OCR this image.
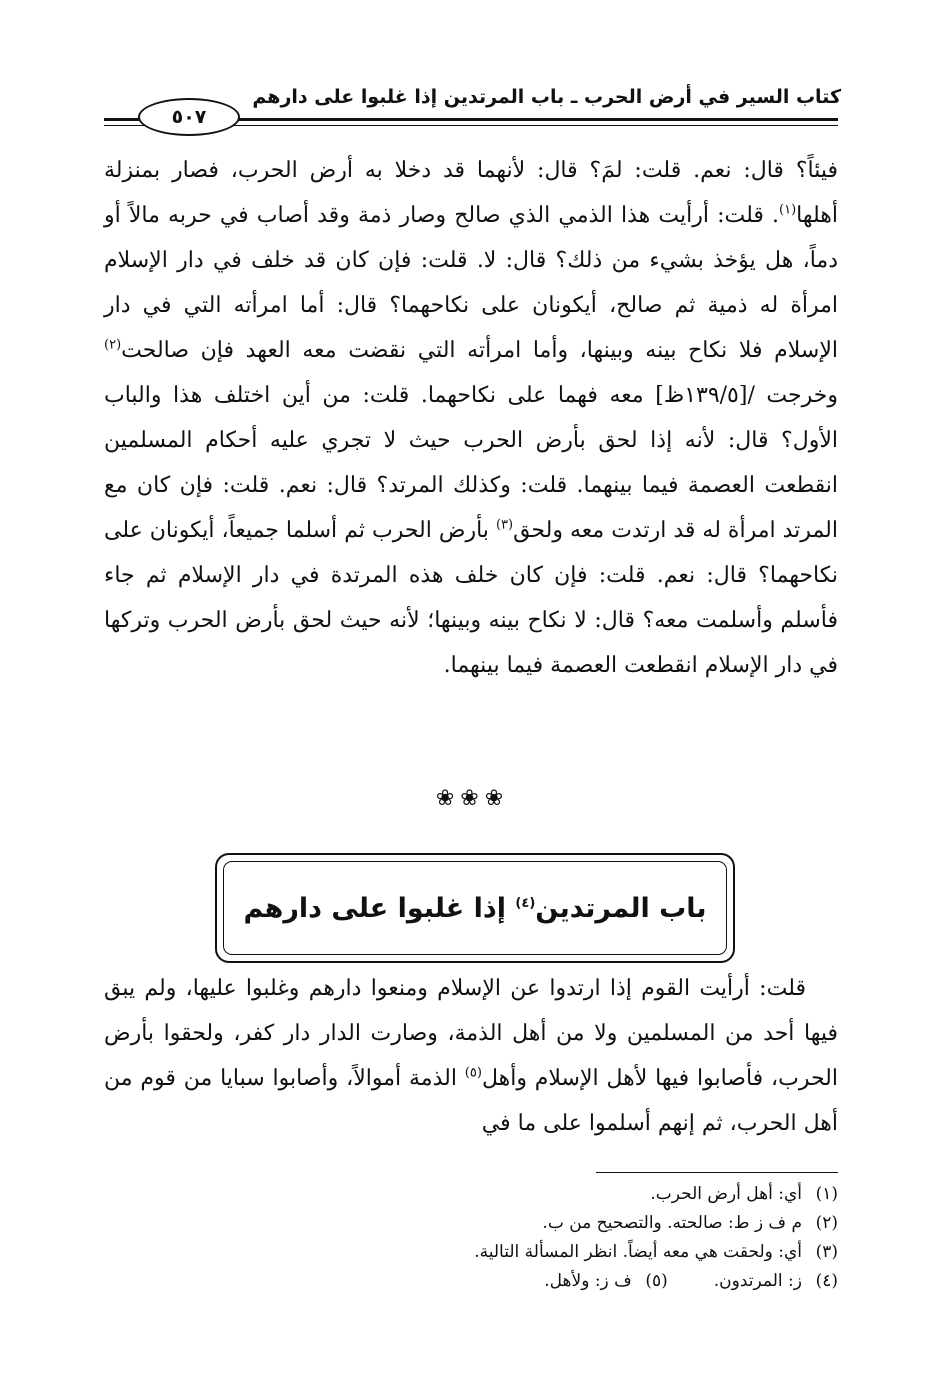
كتاب السير في أرض الحرب ـ باب المرتدين إذا غلبوا على دارهم
٥٠٧

فيئاً؟ قال: نعم. قلت: لمَ؟ قال: لأنهما قد دخلا به أرض الحرب، فصار بمنزلة أهلها$^{(١)}$. قلت: أرأيت هذا الذمي الذي صالح وصار ذمة وقد أصاب في حربه مالاً أو دماً، هل يؤخذ بشيء من ذلك؟ قال: لا. قلت: فإن كان قد خلف في دار الإسلام امرأة له ذمية ثم صالح، أيكونان على نكاحهما؟ قال: أما امرأته التي في دار الإسلام فلا نكاح بينه وبينها، وأما امرأته التي نقضت معه العهد فإن صالحت$^{(٢)}$ وخرجت /[١٣٩/٥ظ] معه فهما على نكاحهما. قلت: من أين اختلف هذا والباب الأول؟ قال: لأنه إذا لحق بأرض الحرب حيث لا تجري عليه أحكام المسلمين انقطعت العصمة فيما بينهما. قلت: وكذلك المرتد؟ قال: نعم. قلت: فإن كان مع المرتد امرأة له قد ارتدت معه ولحق$^{(٣)}$ بأرض الحرب ثم أسلما جميعاً، أيكونان على نكاحهما؟ قال: نعم. قلت: فإن كان خلف هذه المرتدة في دار الإسلام ثم جاء فأسلم وأسلمت معه؟ قال: لا نكاح بينه وبينها؛ لأنه حيث لحق بأرض الحرب وتركها في دار الإسلام انقطعت العصمة فيما بينهما.

❀❀❀
باب المرتدين$^{(٤)}$ إذا غلبوا على دارهم

قلت: أرأيت القوم إذا ارتدوا عن الإسلام ومنعوا دارهم وغلبوا عليها، ولم يبق فيها أحد من المسلمين ولا من أهل الذمة، وصارت الدار دار كفر، ولحقوا بأرض الحرب، فأصابوا فيها لأهل الإسلام وأهل$^{(٥)}$ الذمة أموالاً، وأصابوا سبايا من قوم من أهل الحرب، ثم إنهم أسلموا على ما في

(١)أي: أهل أرض الحرب.
(٢)م ف ز ط: صالحته. والتصحيح من ب.
(٣)أي: ولحقت هي معه أيضاً. انظر المسألة التالية.
(٤)ز: المرتدون.
(٥)ف ز: ولأهل.
